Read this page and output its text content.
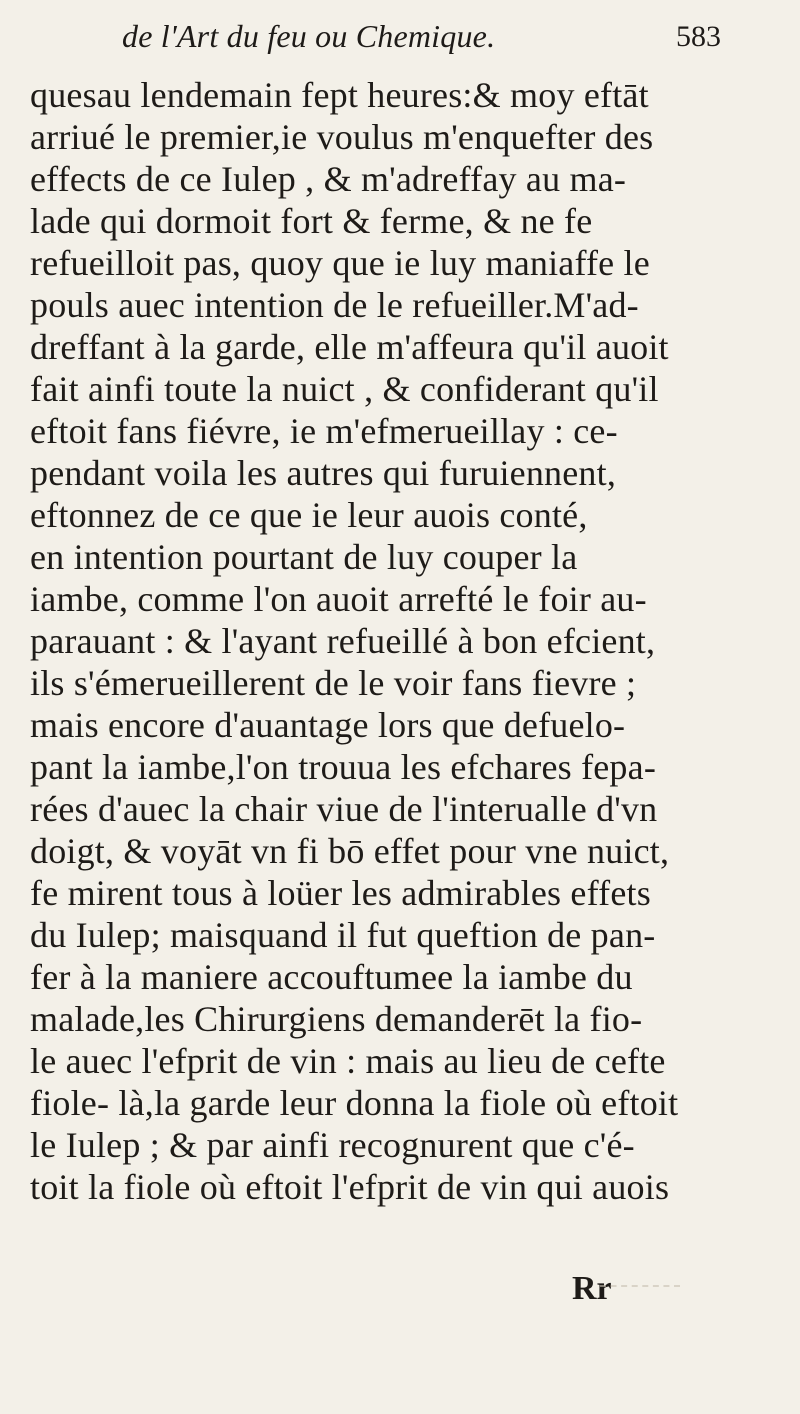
de l'Art du feu ou Chemique.	583
quesau lendemain fept heures:& moy eftāt
arriué le premier,ie voulus m'enquefter des
effects de ce Iulep , & m'adreffay au ma-
lade qui dormoit fort & ferme, & ne fe
refueilloit pas, quoy que ie luy maniaffe le
pouls auec intention de le refueiller.M'ad-
dreffant à la garde, elle m'affeura qu'il auoit
fait ainfi toute la nuict , & confiderant qu'il
eftoit fans fiévre, ie m'efmerueillay : ce-
pendant voila les autres qui furuiennent,
eftonnez de ce que ie leur auois conté,
en intention pourtant de luy couper la
iambe, comme l'on auoit arrefté le foir au-
parauant : & l'ayant refueillé à bon efcient,
ils s'émerueillerent de le voir fans fievre ;
mais encore d'auantage lors que defuelo-
pant la iambe,l'on trouua les efchares fepa-
rées d'auec la chair viue de l'interualle d'vn
doigt, & voyāt vn fi bō effet pour vne nuict,
fe mirent tous à loüer les admirables effets
du Iulep; maisquand il fut queftion de pan-
fer à la maniere accouftumee la iambe du
malade,les Chirurgiens demanderēt la fio-
le auec l'efprit de vin : mais au lieu de cefte
fiole- là,la garde leur donna la fiole où eftoit
le Iulep ; & par ainfi recognurent que c'é-
toit la fiole où eftoit l'efprit de vin qui auois
Rr
